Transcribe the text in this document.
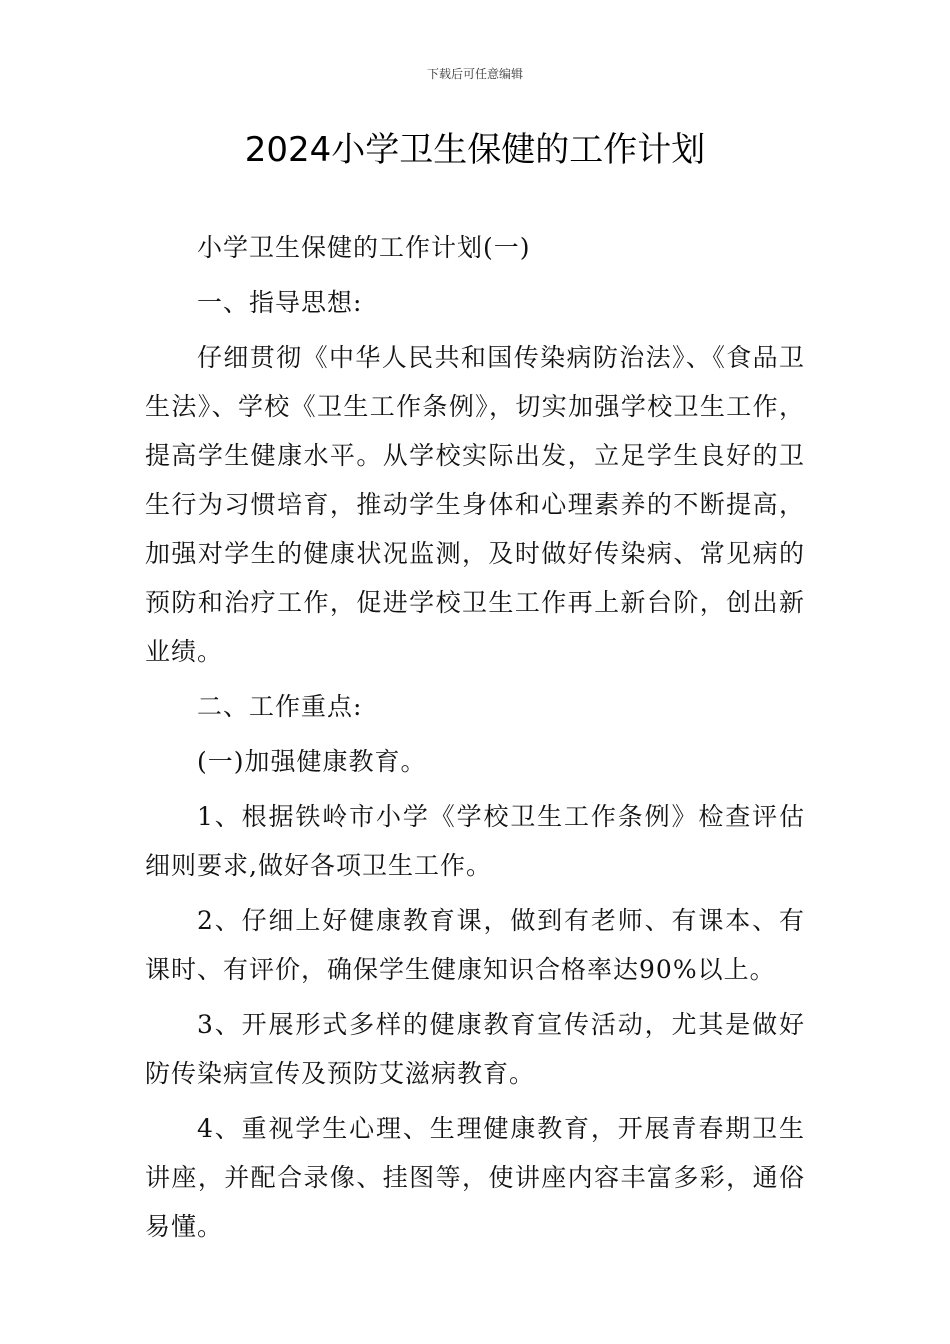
下载后可任意编辑
2024小学卫生保健的工作计划

小学卫生保健的工作计划(一)

一、指导思想:

仔细贯彻《中华人民共和国传染病防治法》、《食品卫生法》、学校《卫生工作条例》，切实加强学校卫生工作，提高学生健康水平。从学校实际出发，立足学生良好的卫生行为习惯培育，推动学生身体和心理素养的不断提高，加强对学生的健康状况监测，及时做好传染病、常见病的预防和治疗工作，促进学校卫生工作再上新台阶，创出新业绩。

二、工作重点:

(一)加强健康教育。

1、根据铁岭市小学《学校卫生工作条例》检查评估细则要求,做好各项卫生工作。

2、仔细上好健康教育课，做到有老师、有课本、有课时、有评价，确保学生健康知识合格率达90%以上。

3、开展形式多样的健康教育宣传活动，尤其是做好防传染病宣传及预防艾滋病教育。

4、重视学生心理、生理健康教育，开展青春期卫生讲座，并配合录像、挂图等，使讲座内容丰富多彩，通俗易懂。
